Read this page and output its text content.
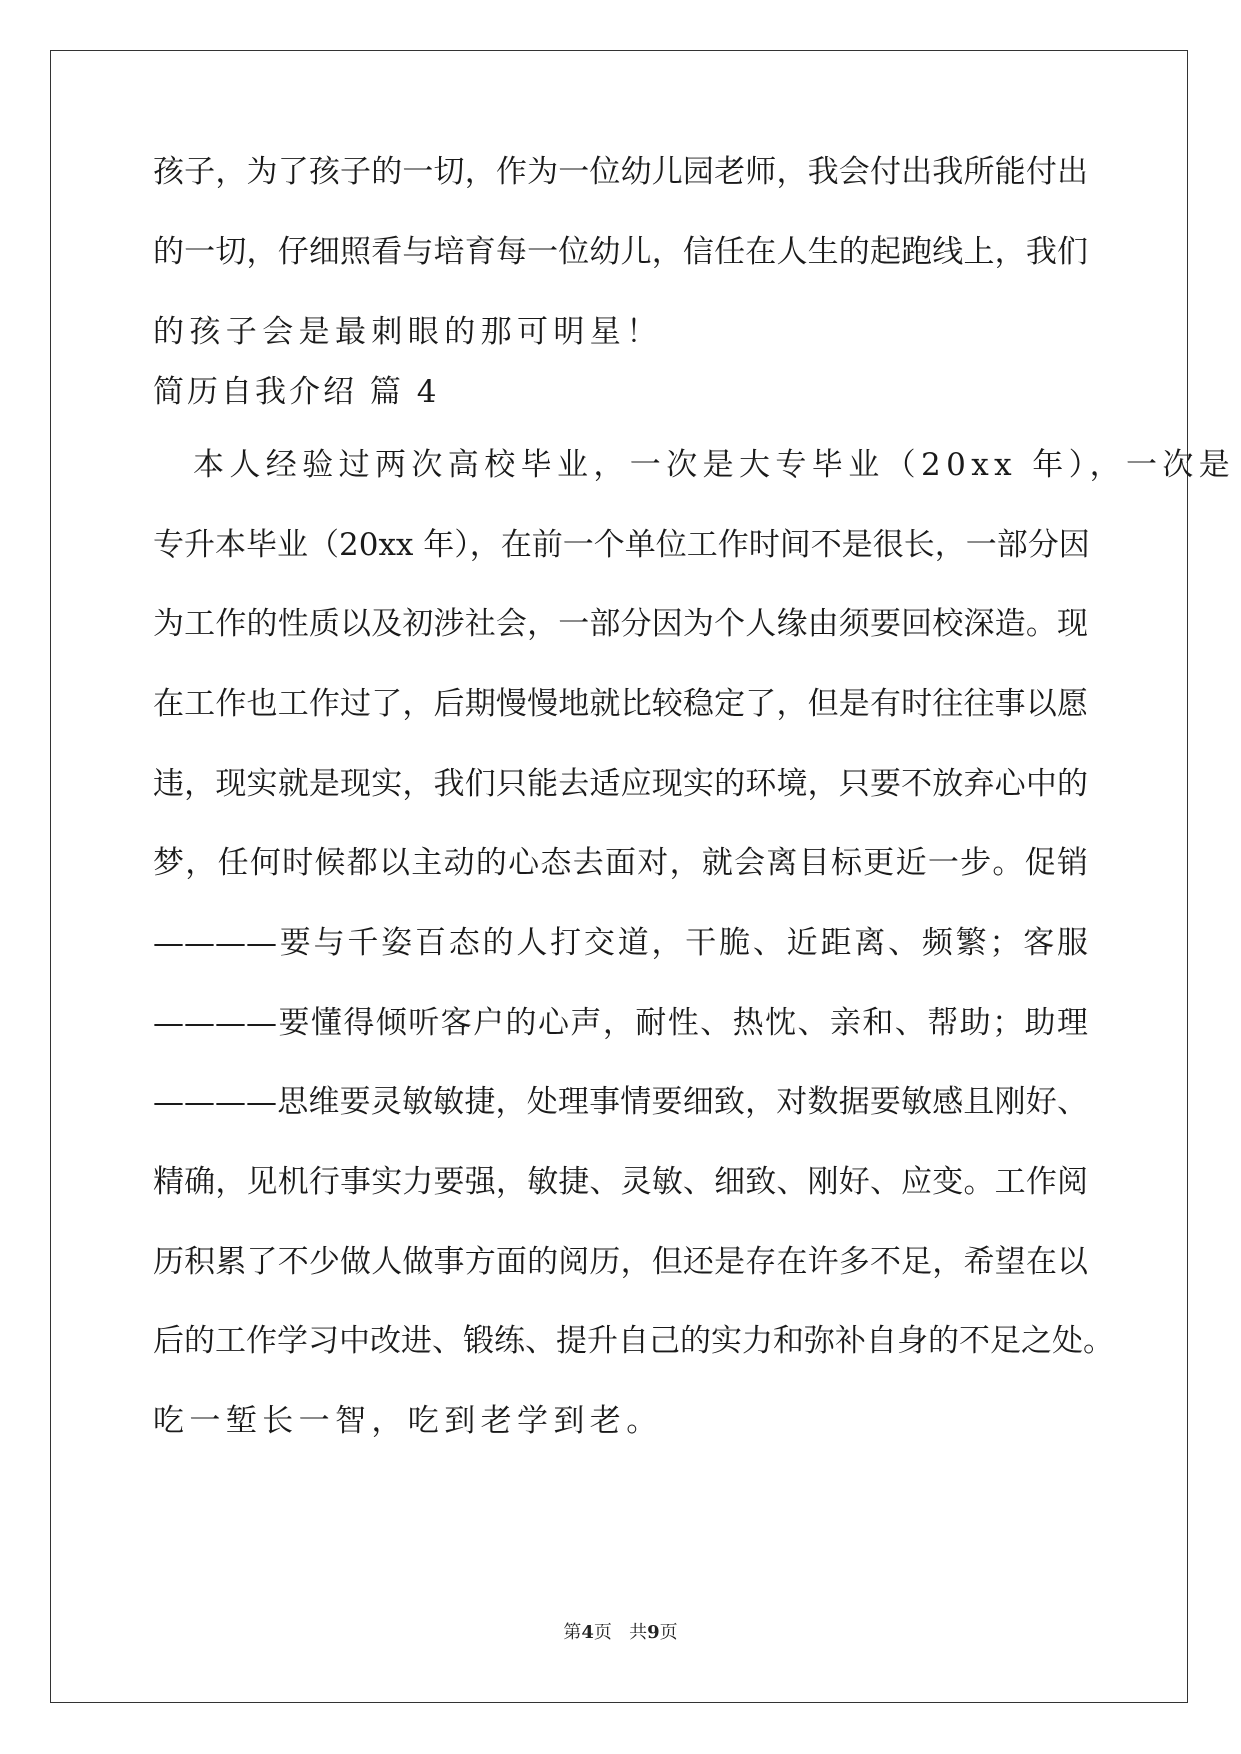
孩子，为了孩子的一切，作为一位幼儿园老师，我会付出我所能付出
的一切，仔细照看与培育每一位幼儿，信任在人生的起跑线上，我们
的孩子会是最刺眼的那可明星！
简历自我介绍 篇 4
本人经验过两次高校毕业，一次是大专毕业（20xx 年），一次是
专升本毕业（20xx 年），在前一个单位工作时间不是很长，一部分因
为工作的性质以及初涉社会，一部分因为个人缘由须要回校深造。现
在工作也工作过了，后期慢慢地就比较稳定了，但是有时往往事以愿
违，现实就是现实，我们只能去适应现实的环境，只要不放弃心中的
梦，任何时候都以主动的心态去面对，就会离目标更近一步。促销
————要与千姿百态的人打交道，干脆、近距离、频繁；客服
————要懂得倾听客户的心声，耐性、热忱、亲和、帮助；助理
————思维要灵敏敏捷，处理事情要细致，对数据要敏感且刚好、
精确，见机行事实力要强，敏捷、灵敏、细致、刚好、应变。工作阅
历积累了不少做人做事方面的阅历，但还是存在许多不足，希望在以
后的工作学习中改进、锻练、提升自己的实力和弥补自身的不足之处。
吃一堑长一智，吃到老学到老。
第4页 共9页
